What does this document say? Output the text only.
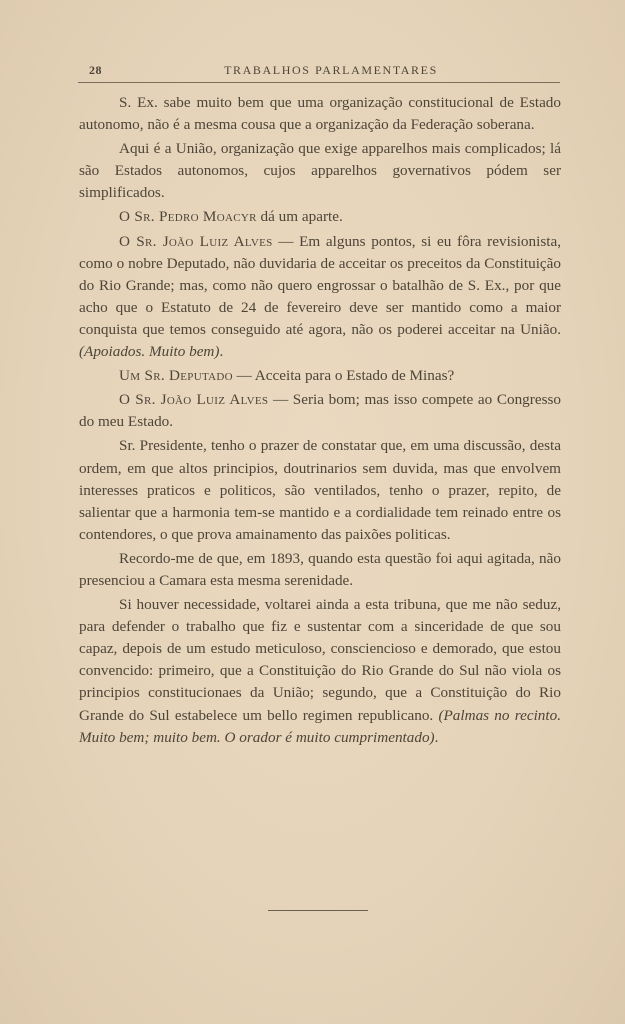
28	TRABALHOS PARLAMENTARES

S. Ex. sabe muito bem que uma organização constitucional de Estado autonomo, não é a mesma cousa que a organização da Federação soberana.

Aqui é a União, organização que exige apparelhos mais complicados; lá são Estados autonomos, cujos apparelhos governativos pódem ser simplificados.

O Sr. Pedro Moacyr dá um aparte.

O Sr. João Luiz Alves — Em alguns pontos, si eu fôra revisionista, como o nobre Deputado, não duvidaria de acceitar os preceitos da Constituição do Rio Grande; mas, como não quero engrossar o batalhão de S. Ex., por que acho que o Estatuto de 24 de fevereiro deve ser mantido como a maior conquista que temos conseguido até agora, não os poderei acceitar na União. (Apoiados. Muito bem).

Um Sr. Deputado — Acceita para o Estado de Minas?

O Sr. João Luiz Alves — Seria bom; mas isso compete ao Congresso do meu Estado.

Sr. Presidente, tenho o prazer de constatar que, em uma discussão, desta ordem, em que altos principios, doutrinarios sem duvida, mas que envolvem interesses praticos e politicos, são ventilados, tenho o prazer, repito, de salientar que a harmonia tem-se mantido e a cordialidade tem reinado entre os contendores, o que prova amainamento das paixões politicas.

Recordo-me de que, em 1893, quando esta questão foi aqui agitada, não presenciou a Camara esta mesma serenidade.

Si houver necessidade, voltarei ainda a esta tribuna, que me não seduz, para defender o trabalho que fiz e sustentar com a sinceridade de que sou capaz, depois de um estudo meticuloso, consciencioso e demorado, que estou convencido: primeiro, que a Constituição do Rio Grande do Sul não viola os principios constitucionaes da União; segundo, que a Constituição do Rio Grande do Sul estabelece um bello regimen republicano. (Palmas no recinto. Muito bem; muito bem. O orador é muito cumprimentado).
